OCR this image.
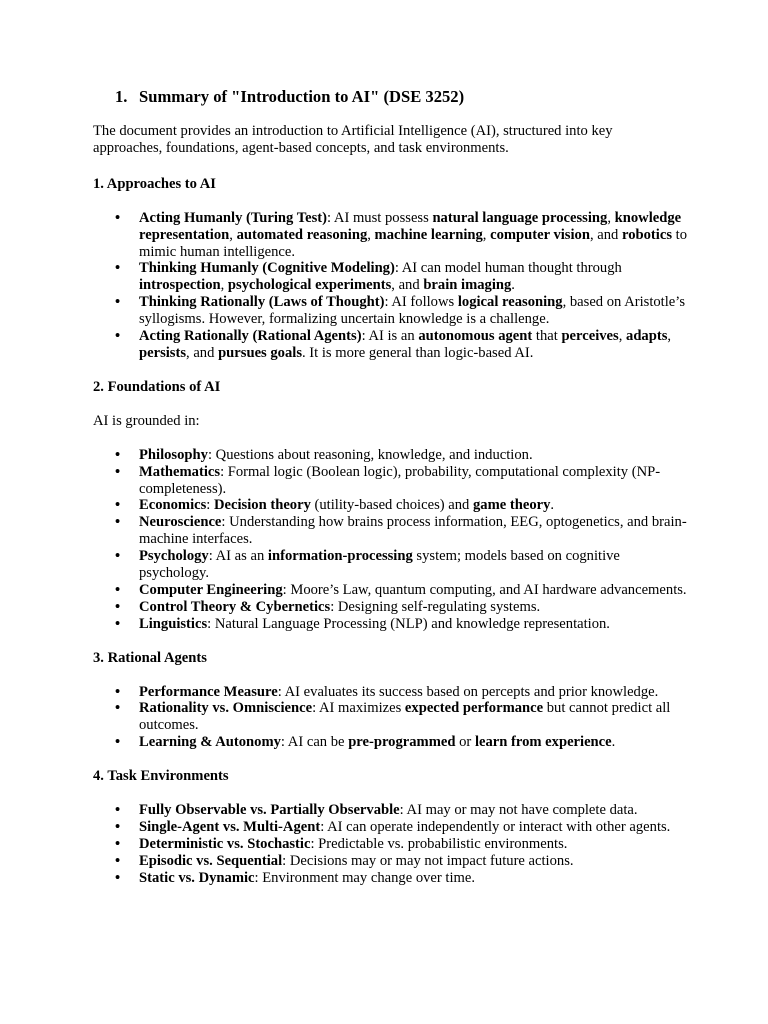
1. Summary of "Introduction to AI" (DSE 3252)

The document provides an introduction to Artificial Intelligence (AI), structured into key approaches, foundations, agent-based concepts, and task environments.

1. Approaches to AI
• Acting Humanly (Turing Test): AI must possess natural language processing, knowledge representation, automated reasoning, machine learning, computer vision, and robotics to mimic human intelligence.
• Thinking Humanly (Cognitive Modeling): AI can model human thought through introspection, psychological experiments, and brain imaging.
• Thinking Rationally (Laws of Thought): AI follows logical reasoning, based on Aristotle’s syllogisms. However, formalizing uncertain knowledge is a challenge.
• Acting Rationally (Rational Agents): AI is an autonomous agent that perceives, adapts, persists, and pursues goals. It is more general than logic-based AI.
2. Foundations of AI
AI is grounded in:
• Philosophy: Questions about reasoning, knowledge, and induction.
• Mathematics: Formal logic (Boolean logic), probability, computational complexity (NP-completeness).
• Economics: Decision theory (utility-based choices) and game theory.
• Neuroscience: Understanding how brains process information, EEG, optogenetics, and brain-machine interfaces.
• Psychology: AI as an information-processing system; models based on cognitive psychology.
• Computer Engineering: Moore’s Law, quantum computing, and AI hardware advancements.
• Control Theory & Cybernetics: Designing self-regulating systems.
• Linguistics: Natural Language Processing (NLP) and knowledge representation.
3. Rational Agents
• Performance Measure: AI evaluates its success based on percepts and prior knowledge.
• Rationality vs. Omniscience: AI maximizes expected performance but cannot predict all outcomes.
• Learning & Autonomy: AI can be pre-programmed or learn from experience.
4. Task Environments
• Fully Observable vs. Partially Observable: AI may or may not have complete data.
• Single-Agent vs. Multi-Agent: AI can operate independently or interact with other agents.
• Deterministic vs. Stochastic: Predictable vs. probabilistic environments.
• Episodic vs. Sequential: Decisions may or may not impact future actions.
• Static vs. Dynamic: Environment may change over time.
